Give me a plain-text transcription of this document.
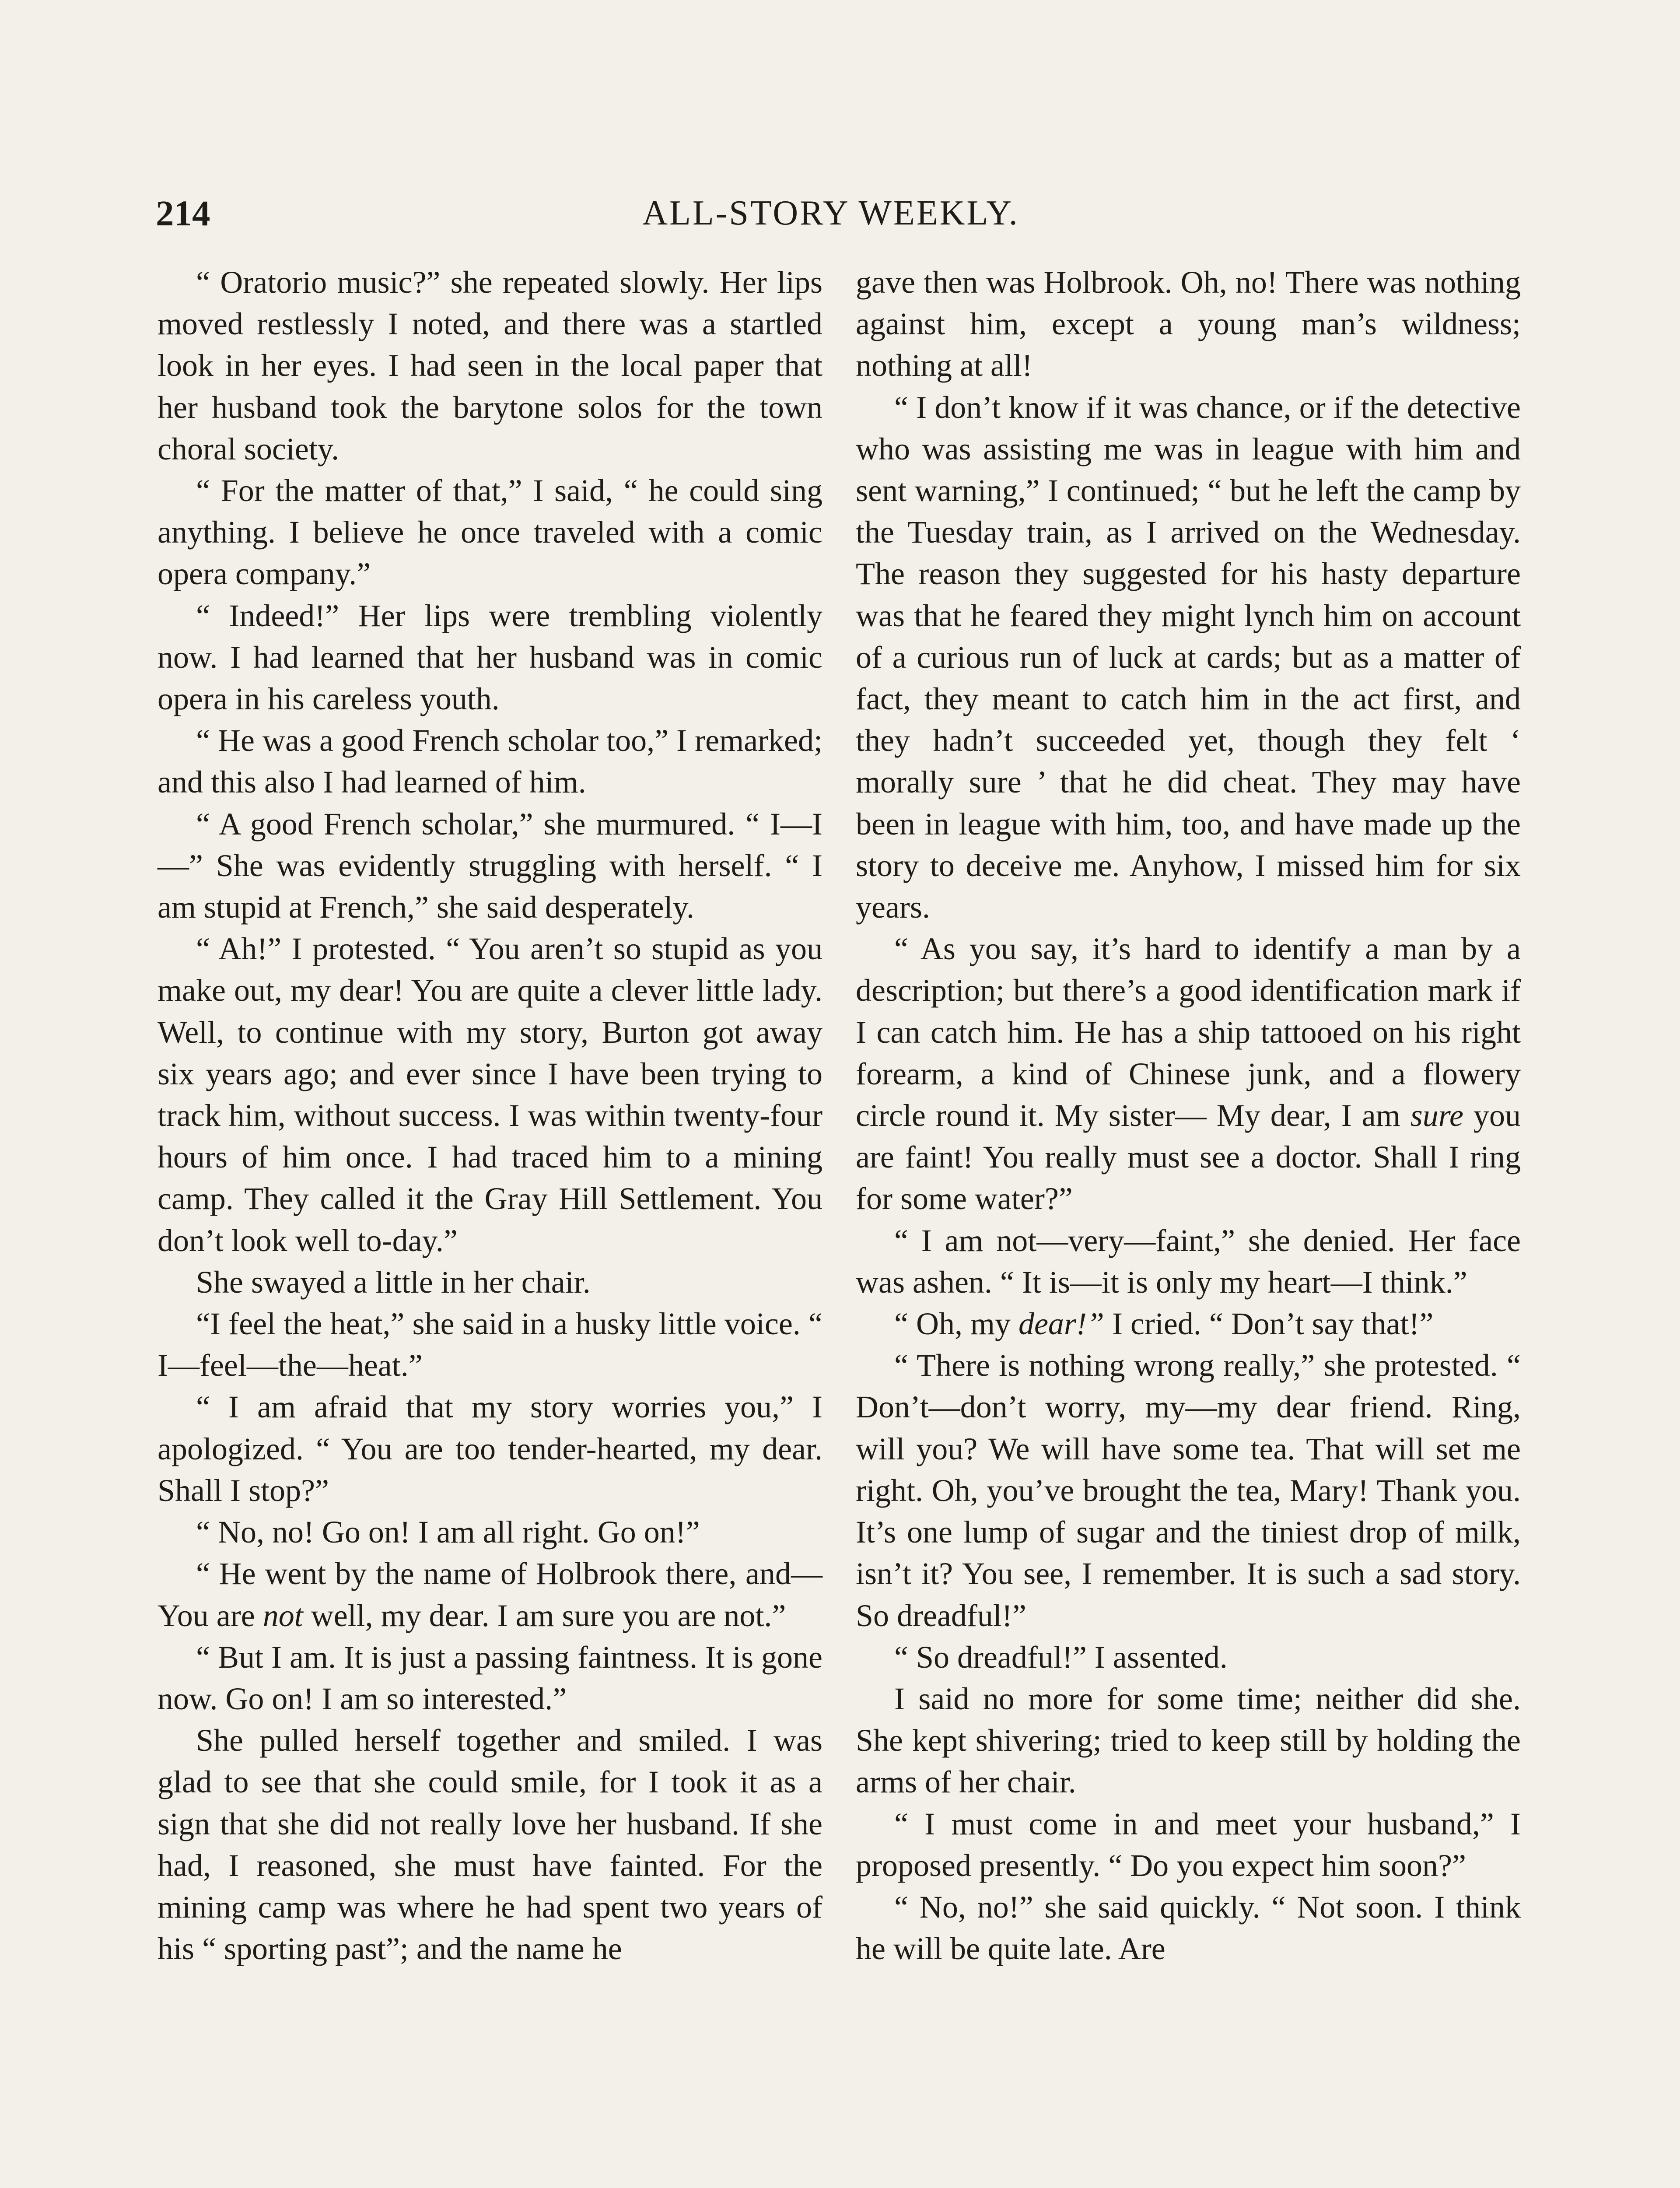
214	ALL-STORY WEEKLY.

“ Oratorio music?” she repeated slowly. Her lips moved restlessly I noted, and there was a startled look in her eyes. I had seen in the local paper that her husband took the barytone solos for the town choral society.

“ For the matter of that,” I said, “ he could sing anything. I believe he once traveled with a comic opera company.”

“ Indeed!” Her lips were trembling violently now. I had learned that her husband was in comic opera in his careless youth.

“ He was a good French scholar too,” I remarked; and this also I had learned of him.

“ A good French scholar,” she murmured. “ I—I—” She was evidently struggling with herself. “ I am stupid at French,” she said desperately.

“ Ah!” I protested. “ You aren’t so stupid as you make out, my dear! You are quite a clever little lady. Well, to continue with my story, Burton got away six years ago; and ever since I have been trying to track him, without success. I was within twenty-four hours of him once. I had traced him to a mining camp. They called it the Gray Hill Settlement. You don’t look well to-day.”

She swayed a little in her chair.

“I feel the heat,” she said in a husky little voice. “ I—feel—the—heat.”

“ I am afraid that my story worries you,” I apologized. “ You are too tender-hearted, my dear. Shall I stop?”

“ No, no! Go on! I am all right. Go on!”

“ He went by the name of Holbrook there, and— You are not well, my dear. I am sure you are not.”

“ But I am. It is just a passing faintness. It is gone now. Go on! I am so interested.”

She pulled herself together and smiled. I was glad to see that she could smile, for I took it as a sign that she did not really love her husband. If she had, I reasoned, she must have fainted. For the mining camp was where he had spent two years of his “ sporting past”; and the name he

gave then was Holbrook. Oh, no! There was nothing against him, except a young man’s wildness; nothing at all!

“ I don’t know if it was chance, or if the detective who was assisting me was in league with him and sent warning,” I continued; “ but he left the camp by the Tuesday train, as I arrived on the Wednesday. The reason they suggested for his hasty departure was that he feared they might lynch him on account of a curious run of luck at cards; but as a matter of fact, they meant to catch him in the act first, and they hadn’t succeeded yet, though they felt ‘ morally sure ’ that he did cheat. They may have been in league with him, too, and have made up the story to deceive me. Anyhow, I missed him for six years.

“ As you say, it’s hard to identify a man by a description; but there’s a good identification mark if I can catch him. He has a ship tattooed on his right forearm, a kind of Chinese junk, and a flowery circle round it. My sister— My dear, I am sure you are faint! You really must see a doctor. Shall I ring for some water?”

“ I am not—very—faint,” she denied. Her face was ashen. “ It is—it is only my heart—I think.”

“ Oh, my dear!” I cried. “ Don’t say that!”

“ There is nothing wrong really,” she protested. “ Don’t—don’t worry, my—my dear friend. Ring, will you? We will have some tea. That will set me right. Oh, you’ve brought the tea, Mary! Thank you. It’s one lump of sugar and the tiniest drop of milk, isn’t it? You see, I remember. It is such a sad story. So dreadful!”

“ So dreadful!” I assented.

I said no more for some time; neither did she. She kept shivering; tried to keep still by holding the arms of her chair.

“ I must come in and meet your husband,” I proposed presently. “ Do you expect him soon?”

“ No, no!” she said quickly. “ Not soon. I think he will be quite late. Are
